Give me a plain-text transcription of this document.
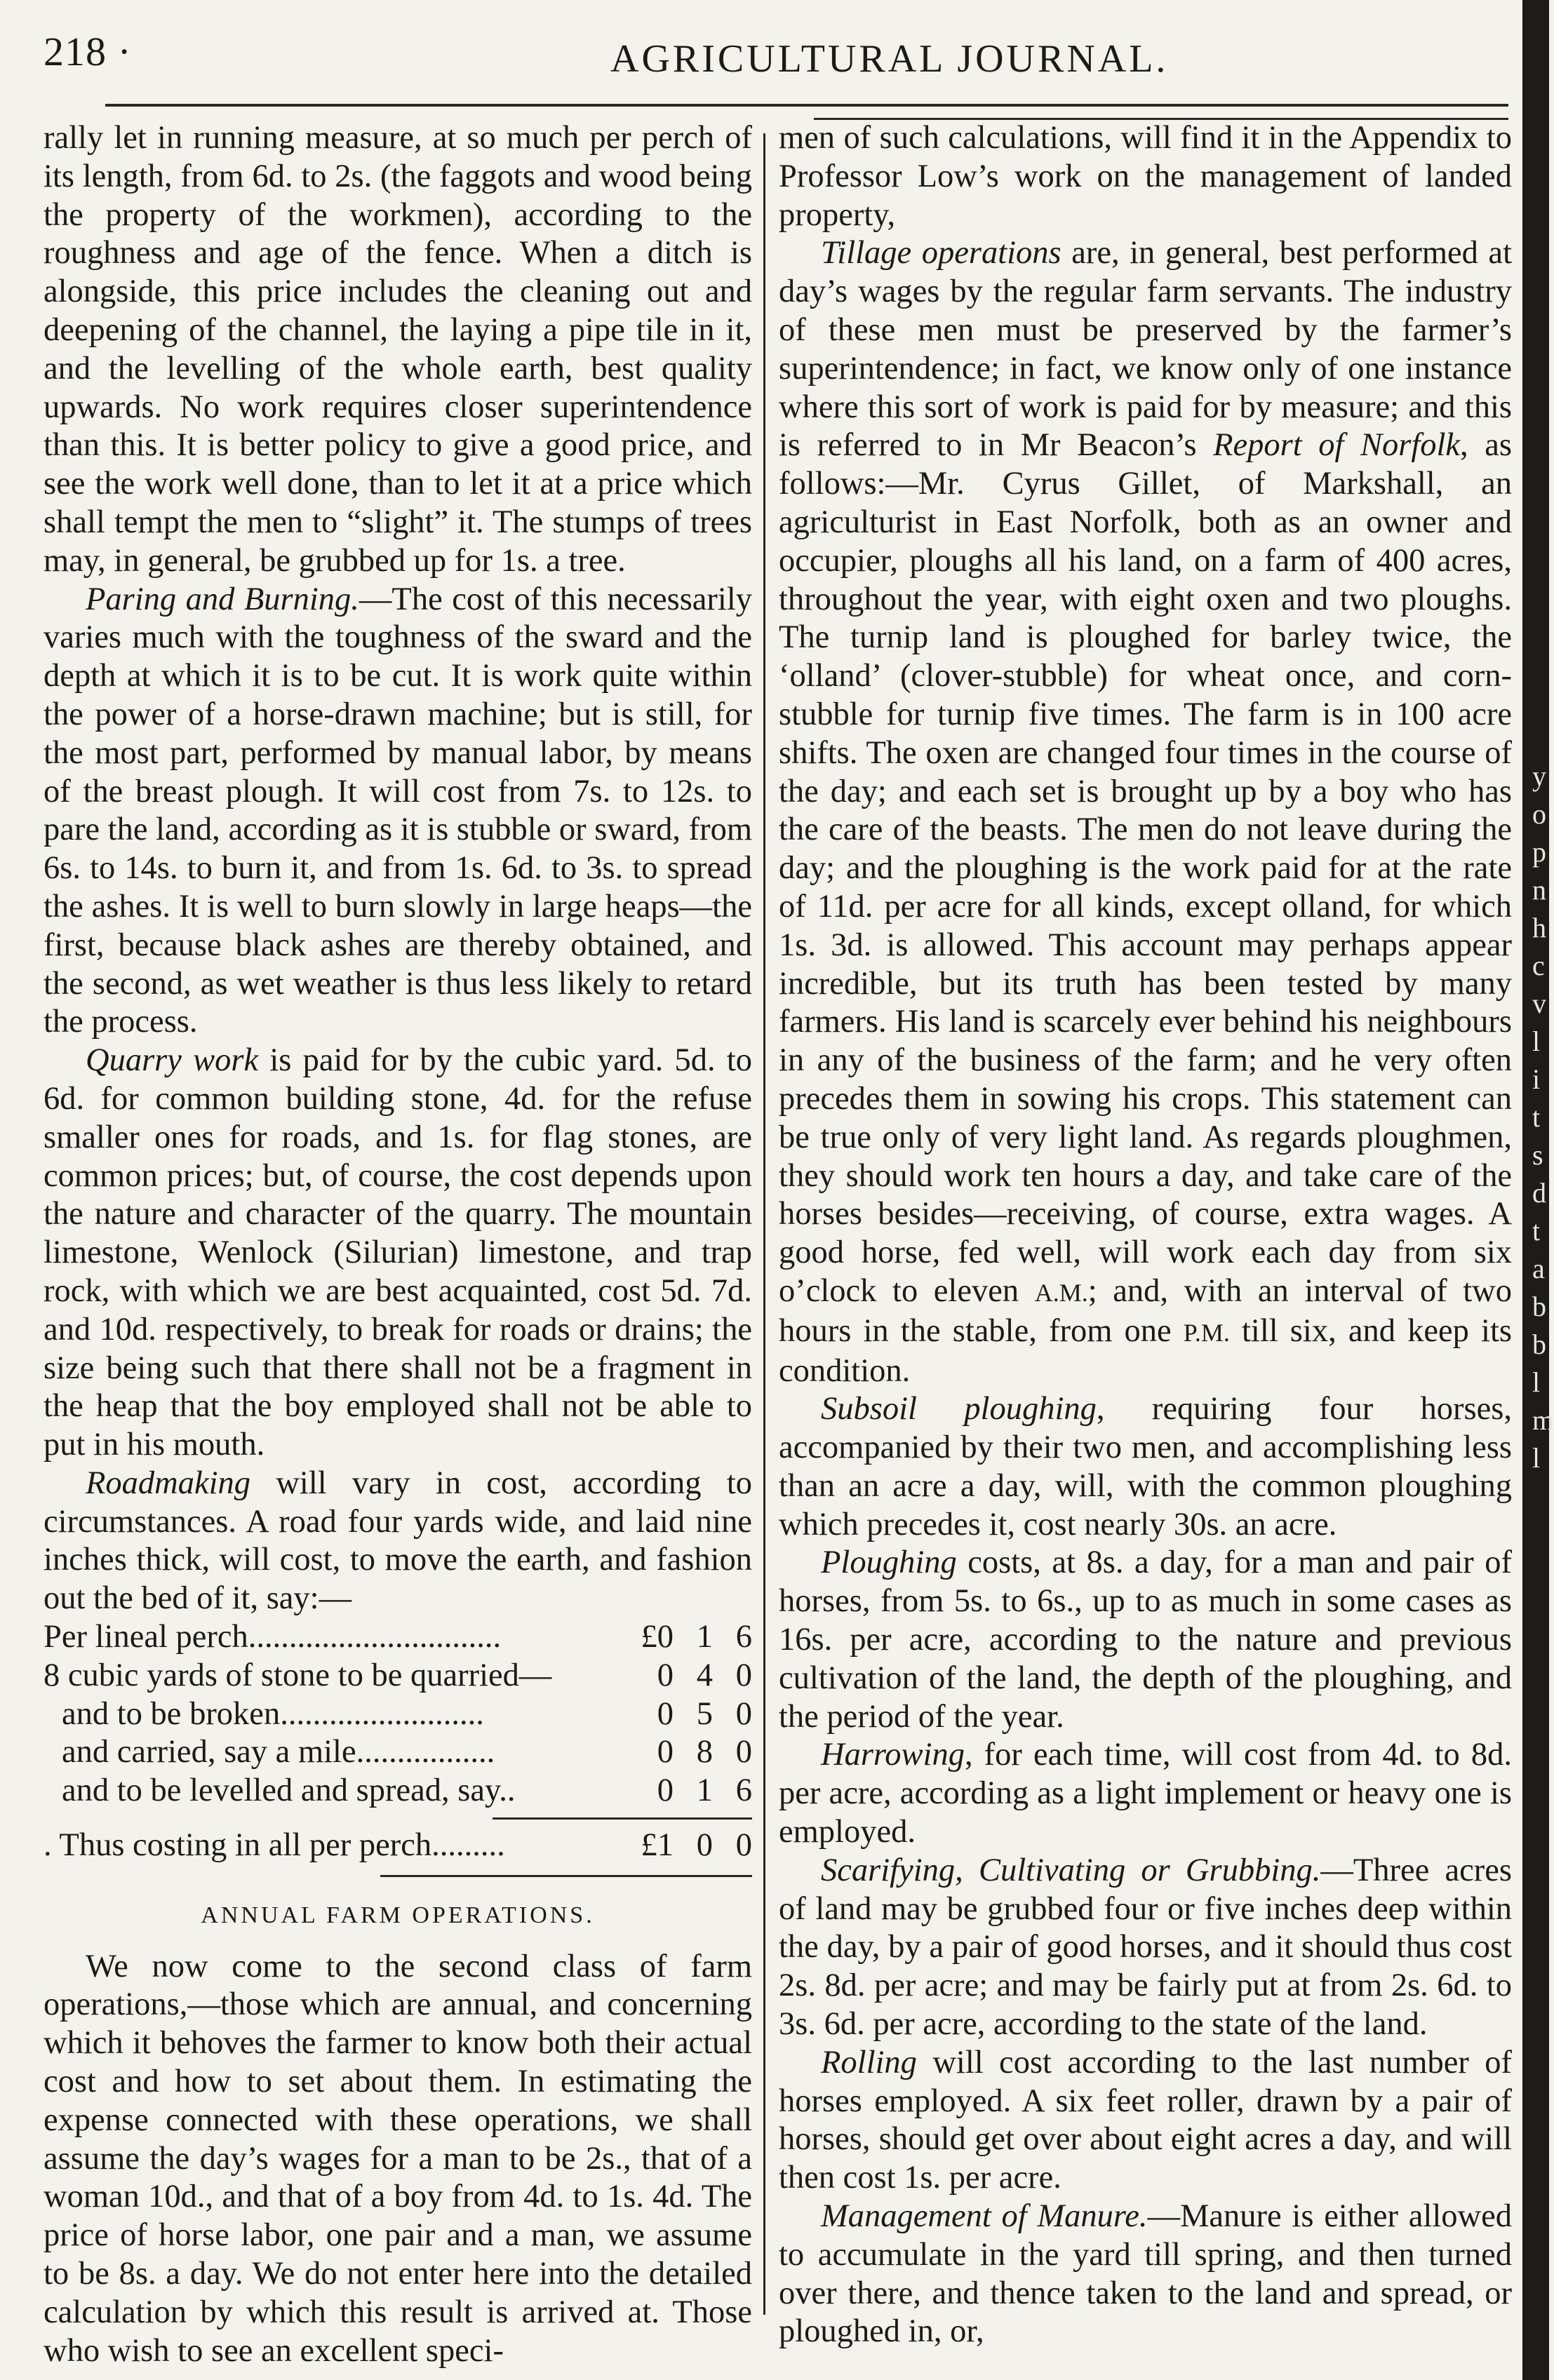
218 ·	AGRICULTURAL JOURNAL.

rally let in running measure, at so much per perch of its length, from 6d. to 2s. (the faggots and wood being the property of the workmen), according to the roughness and age of the fence. When a ditch is alongside, this price includes the cleaning out and deepening of the channel, the laying a pipe tile in it, and the levelling of the whole earth, best quality upwards. No work requires closer superintendence than this. It is better policy to give a good price, and see the work well done, than to let it at a price which shall tempt the men to “slight” it. The stumps of trees may, in general, be grubbed up for 1s. a tree.

Paring and Burning.—The cost of this necessarily varies much with the toughness of the sward and the depth at which it is to be cut. It is work quite within the power of a horse-drawn machine; but is still, for the most part, performed by manual labor, by means of the breast plough. It will cost from 7s. to 12s. to pare the land, according as it is stubble or sward, from 6s. to 14s. to burn it, and from 1s. 6d. to 3s. to spread the ashes. It is well to burn slowly in large heaps—the first, because black ashes are thereby obtained, and the second, as wet weather is thus less likely to retard the process.

Quarry work is paid for by the cubic yard. 5d. to 6d. for common building stone, 4d. for the refuse smaller ones for roads, and 1s. for flag stones, are common prices; but, of course, the cost depends upon the nature and character of the quarry. The mountain limestone, Wenlock (Silurian) limestone, and trap rock, with which we are best acquainted, cost 5d. 7d. and 10d. respectively, to break for roads or drains; the size being such that there shall not be a fragment in the heap that the boy employed shall not be able to put in his mouth.

Roadmaking will vary in cost, according to circumstances. A road four yards wide, and laid nine inches thick, will cost, to move the earth, and fashion out the bed of it, say:—

Per lineal perch...............................	£0 1 6
8 cubic yards of stone to be quarried—	0 4 0
and to be broken.........................	0 5 0
and carried, say a mile.................	0 8 0
and to be levelled and spread, say..	0 1 6
. Thus costing in all per perch.........	£1 0 0
ANNUAL FARM OPERATIONS.

We now come to the second class of farm operations,—those which are annual, and concerning which it behoves the farmer to know both their actual cost and how to set about them. In estimating the expense connected with these operations, we shall assume the day’s wages for a man to be 2s., that of a woman 10d., and that of a boy from 4d. to 1s. 4d. The price of horse labor, one pair and a man, we assume to be 8s. a day. We do not enter here into the detailed calculation by which this result is arrived at. Those who wish to see an excellent speci-

men of such calculations, will find it in the Appendix to Professor Low’s work on the management of landed property,

Tillage operations are, in general, best performed at day’s wages by the regular farm servants. The industry of these men must be preserved by the farmer’s superintendence; in fact, we know only of one instance where this sort of work is paid for by measure; and this is referred to in Mr Beacon’s Report of Norfolk, as follows:—Mr. Cyrus Gillet, of Markshall, an agriculturist in East Norfolk, both as an owner and occupier, ploughs all his land, on a farm of 400 acres, throughout the year, with eight oxen and two ploughs. The turnip land is ploughed for barley twice, the ‘olland’ (clover-stubble) for wheat once, and corn-stubble for turnip five times. The farm is in 100 acre shifts. The oxen are changed four times in the course of the day; and each set is brought up by a boy who has the care of the beasts. The men do not leave during the day; and the ploughing is the work paid for at the rate of 11d. per acre for all kinds, except olland, for which 1s. 3d. is allowed. This account may perhaps appear incredible, but its truth has been tested by many farmers. His land is scarcely ever behind his neighbours in any of the business of the farm; and he very often precedes them in sowing his crops. This statement can be true only of very light land. As regards ploughmen, they should work ten hours a day, and take care of the horses besides—receiving, of course, extra wages. A good horse, fed well, will work each day from six o’clock to eleven A.M.; and, with an interval of two hours in the stable, from one P.M. till six, and keep its condition.

Subsoil ploughing, requiring four horses, accompanied by their two men, and accomplishing less than an acre a day, will, with the common ploughing which precedes it, cost nearly 30s. an acre.

Ploughing costs, at 8s. a day, for a man and pair of horses, from 5s. to 6s., up to as much in some cases as 16s. per acre, according to the nature and previous cultivation of the land, the depth of the ploughing, and the period of the year.

Harrowing, for each time, will cost from 4d. to 8d. per acre, according as a light implement or heavy one is employed.

Scarifying, Cultivating or Grubbing.—Three acres of land may be grubbed four or five inches deep within the day, by a pair of good horses, and it should thus cost 2s. 8d. per acre; and may be fairly put at from 2s. 6d. to 3s. 6d. per acre, according to the state of the land.

Rolling will cost according to the last number of horses employed. A six feet roller, drawn by a pair of horses, should get over about eight acres a day, and will then cost 1s. per acre.

Management of Manure.—Manure is either allowed to accumulate in the yard till spring, and then turned over there, and thence taken to the land and spread, or ploughed in, or,

y
o
p
n
h
c
v
l
i
t
s
d
t
a
b
b
l
m
l
